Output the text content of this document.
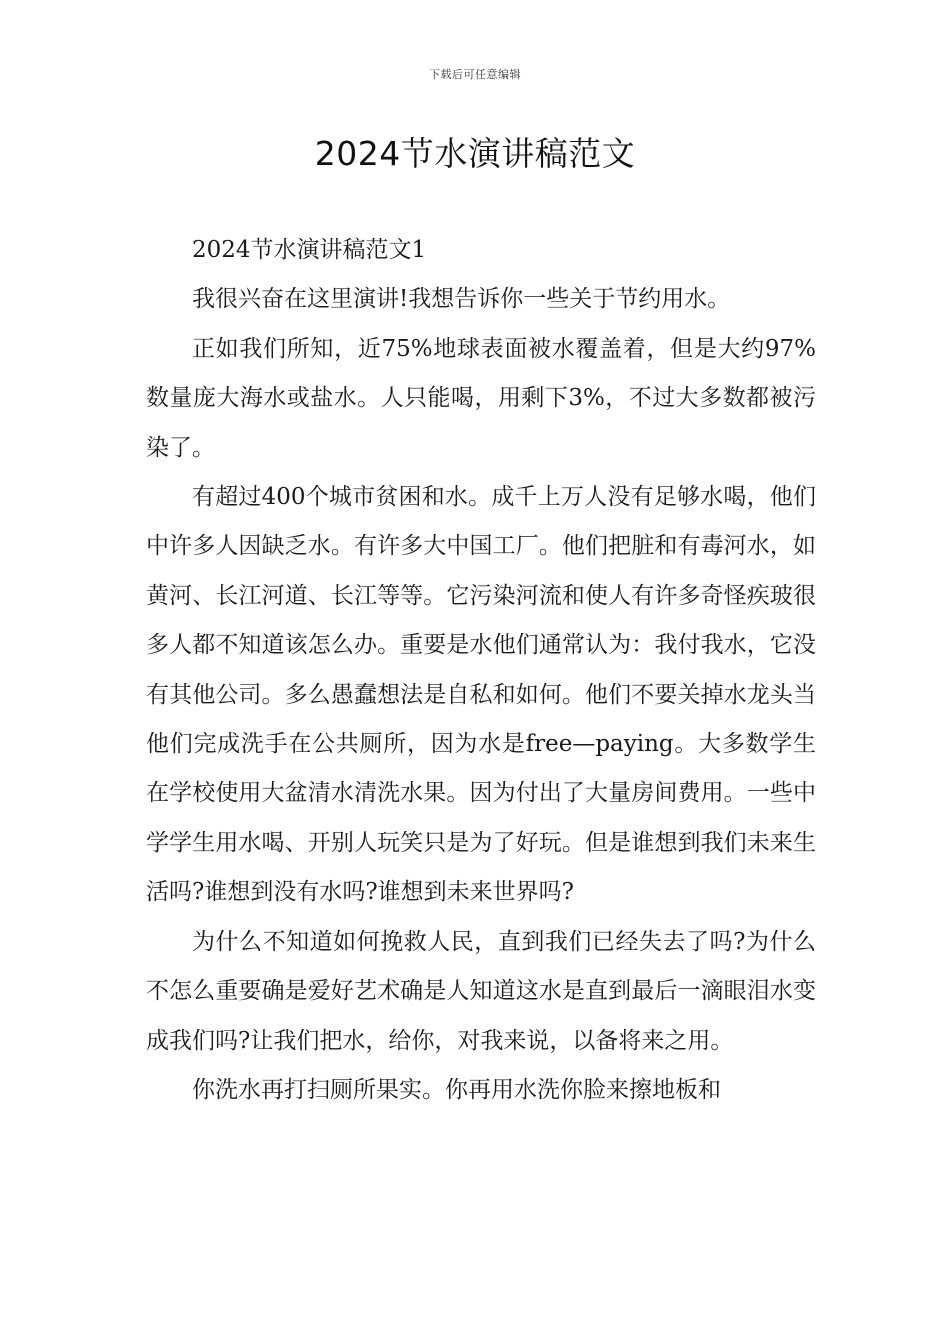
下载后可任意编辑
2024节水演讲稿范文

2024节水演讲稿范文1

我很兴奋在这里演讲!我想告诉你一些关于节约用水。

正如我们所知，近75%地球表面被水覆盖着，但是大约97%数量庞大海水或盐水。人只能喝，用剩下3%，不过大多数都被污染了。

有超过400个城市贫困和水。成千上万人没有足够水喝，他们中许多人因缺乏水。有许多大中国工厂。他们把脏和有毒河水，如黄河、长江河道、长江等等。它污染河流和使人有许多奇怪疾玻很多人都不知道该怎么办。重要是水他们通常认为：我付我水，它没有其他公司。多么愚蠢想法是自私和如何。他们不要关掉水龙头当他们完成洗手在公共厕所，因为水是free—paying。大多数学生在学校使用大盆清水清洗水果。因为付出了大量房间费用。一些中学学生用水喝、开别人玩笑只是为了好玩。但是谁想到我们未来生活吗?谁想到没有水吗?谁想到未来世界吗?

为什么不知道如何挽救人民，直到我们已经失去了吗?为什么不怎么重要确是爱好艺术确是人知道这水是直到最后一滴眼泪水变成我们吗?让我们把水，给你，对我来说，以备将来之用。

你洗水再打扫厕所果实。你再用水洗你脸来擦地板和
